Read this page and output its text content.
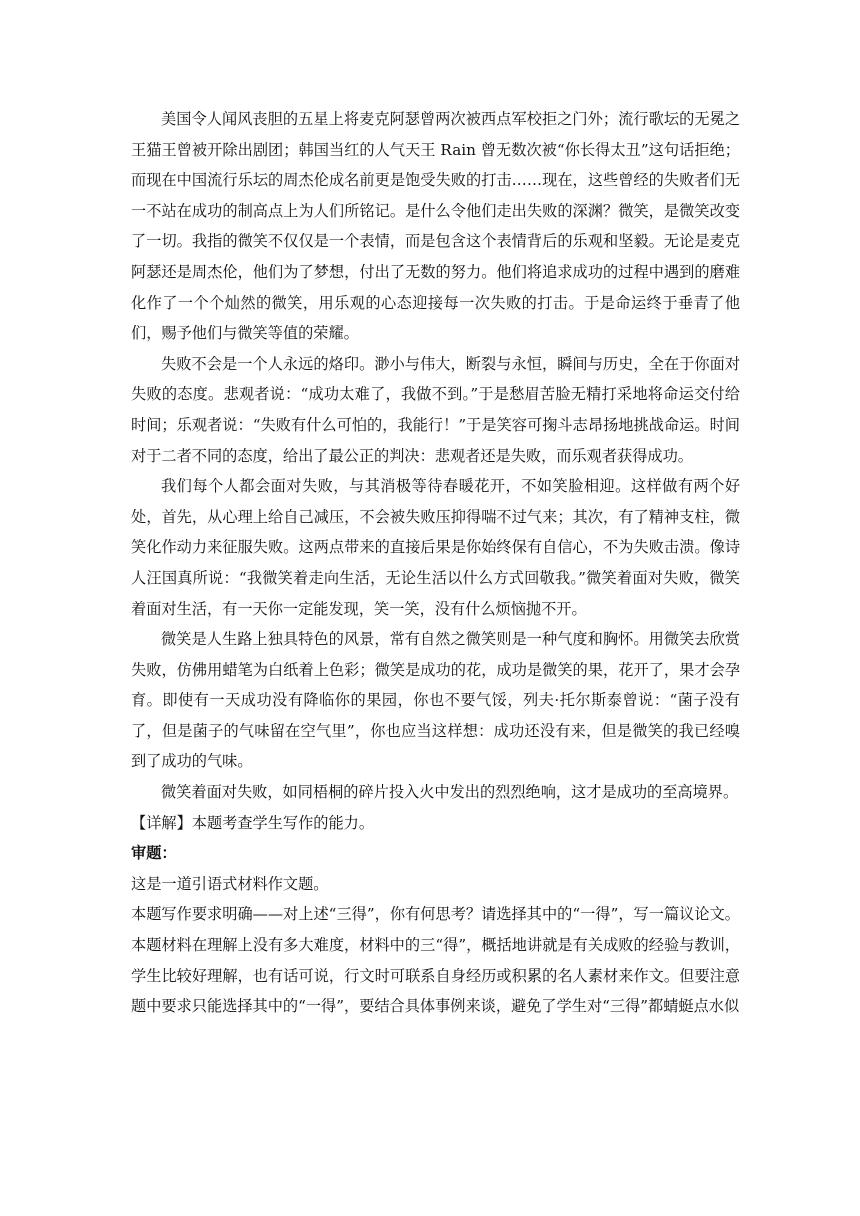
美国令人闻风丧胆的五星上将麦克阿瑟曾两次被西点军校拒之门外；流行歌坛的无冕之王猫王曾被开除出剧团；韩国当红的人气天王 Rain 曾无数次被“你长得太丑”这句话拒绝；而现在中国流行乐坛的周杰伦成名前更是饱受失败的打击……现在，这些曾经的失败者们无一不站在成功的制高点上为人们所铭记。是什么令他们走出失败的深渊？微笑，是微笑改变了一切。我指的微笑不仅仅是一个表情，而是包含这个表情背后的乐观和坚毅。无论是麦克阿瑟还是周杰伦，他们为了梦想，付出了无数的努力。他们将追求成功的过程中遇到的磨难化作了一个个灿然的微笑，用乐观的心态迎接每一次失败的打击。于是命运终于垂青了他们，赐予他们与微笑等值的荣耀。

失败不会是一个人永远的烙印。渺小与伟大，断裂与永恒，瞬间与历史，全在于你面对失败的态度。悲观者说：“成功太难了，我做不到。”于是愁眉苦脸无精打采地将命运交付给时间；乐观者说：“失败有什么可怕的，我能行！”于是笑容可掬斗志昂扬地挑战命运。时间对于二者不同的态度，给出了最公正的判决：悲观者还是失败，而乐观者获得成功。

我们每个人都会面对失败，与其消极等待春暖花开，不如笑脸相迎。这样做有两个好处，首先，从心理上给自己减压，不会被失败压抑得喘不过气来；其次，有了精神支柱，微笑化作动力来征服失败。这两点带来的直接后果是你始终保有自信心，不为失败击溃。像诗人汪国真所说：“我微笑着走向生活，无论生活以什么方式回敬我。”微笑着面对失败，微笑着面对生活，有一天你一定能发现，笑一笑，没有什么烦恼抛不开。

微笑是人生路上独具特色的风景，常有自然之微笑则是一种气度和胸怀。用微笑去欣赏失败，仿佛用蜡笔为白纸着上色彩；微笑是成功的花，成功是微笑的果，花开了，果才会孕育。即使有一天成功没有降临你的果园，你也不要气馁，列夫·托尔斯泰曾说：“菌子没有了，但是菌子的气味留在空气里”，你也应当这样想：成功还没有来，但是微笑的我已经嗅到了成功的气味。

微笑着面对失败，如同梧桐的碎片投入火中发出的烈烈绝响，这才是成功的至高境界。

【详解】本题考查学生写作的能力。

审题：

这是一道引语式材料作文题。

本题写作要求明确——对上述“三得”，你有何思考？请选择其中的“一得”，写一篇议论文。本题材料在理解上没有多大难度，材料中的三“得”，概括地讲就是有关成败的经验与教训，学生比较好理解，也有话可说，行文时可联系自身经历或积累的名人素材来作文。但要注意题中要求只能选择其中的“一得”，要结合具体事例来谈，避免了学生对“三得”都蜻蜓点水似
